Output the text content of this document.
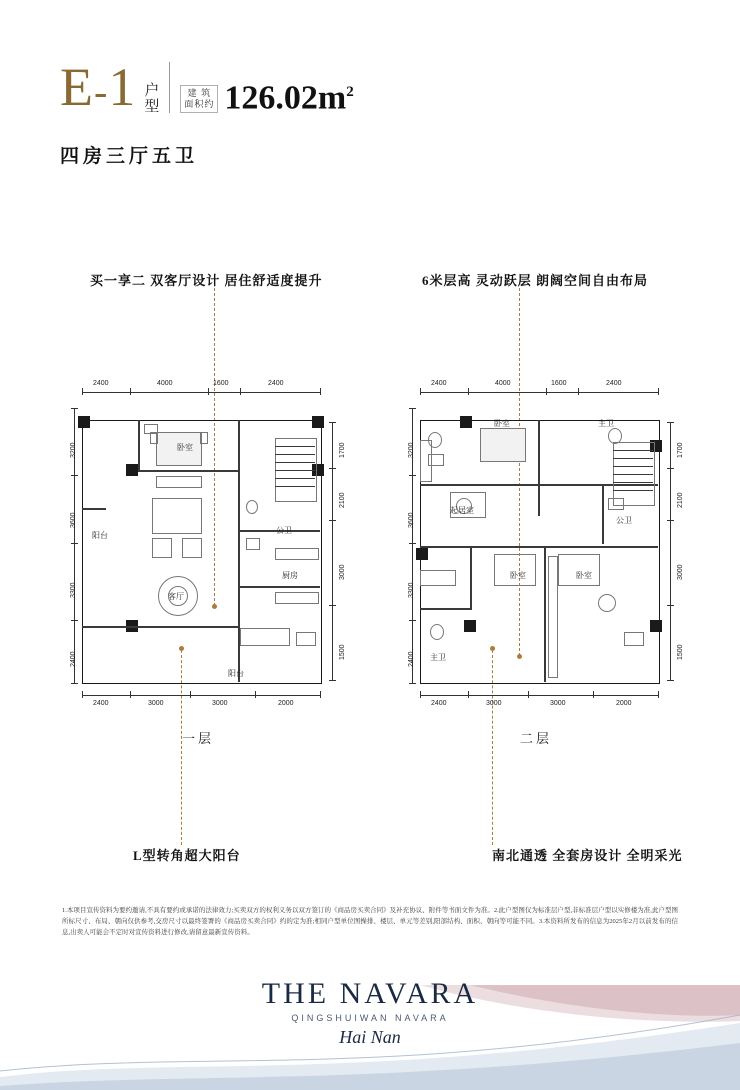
E-1 户
型
建 筑
面积约 $126.02m^2$
四房三厅五卫
买一享二 双客厅设计 居住舒适度提升	6米层高 灵动跃层 朗阔空间自由布局
L型转角超大阳台	南北通透 全套房设计 全明采光
2400	4000	1600	2400
2400	3000	3000	2000
3200
3600
3300
2400
1700
2100
3000
1500
卧室
阳台
阳台
公卫
厨房
客厅
一层
2400	4000	1600	2400
2400	3000	3000	2000
3200
3600
3300
2400
1700
2100
3000
1500
卧室	主卫
起居室
公卫
卧室	卧室
主卫
二层
1.本项目宣传资料为要约邀请,不具有要约或承诺的法律效力;买卖双方的权利义务以双方签订的《商品房买卖合同》及补充协议、附件等书面文件为准。2.此户型图仅为标准层户型,非标准层户型以实修楼为准,此户型图所标尺寸、布局、朝向仅供参考,交房尺寸以最终签署的《商品房买卖合同》约的定为准;相同户型单位图操排、楼层、单元等差别,阳部结构、面积、朝向等可能不同。3.本资料所发布的信息为2025年2月以前发布的信息,出卖人可能会不定时对宣传资料进行修改,请留意最新宣传资料。
THE NAVARA
QINGSHUIWAN NAVARA
Hai Nan
